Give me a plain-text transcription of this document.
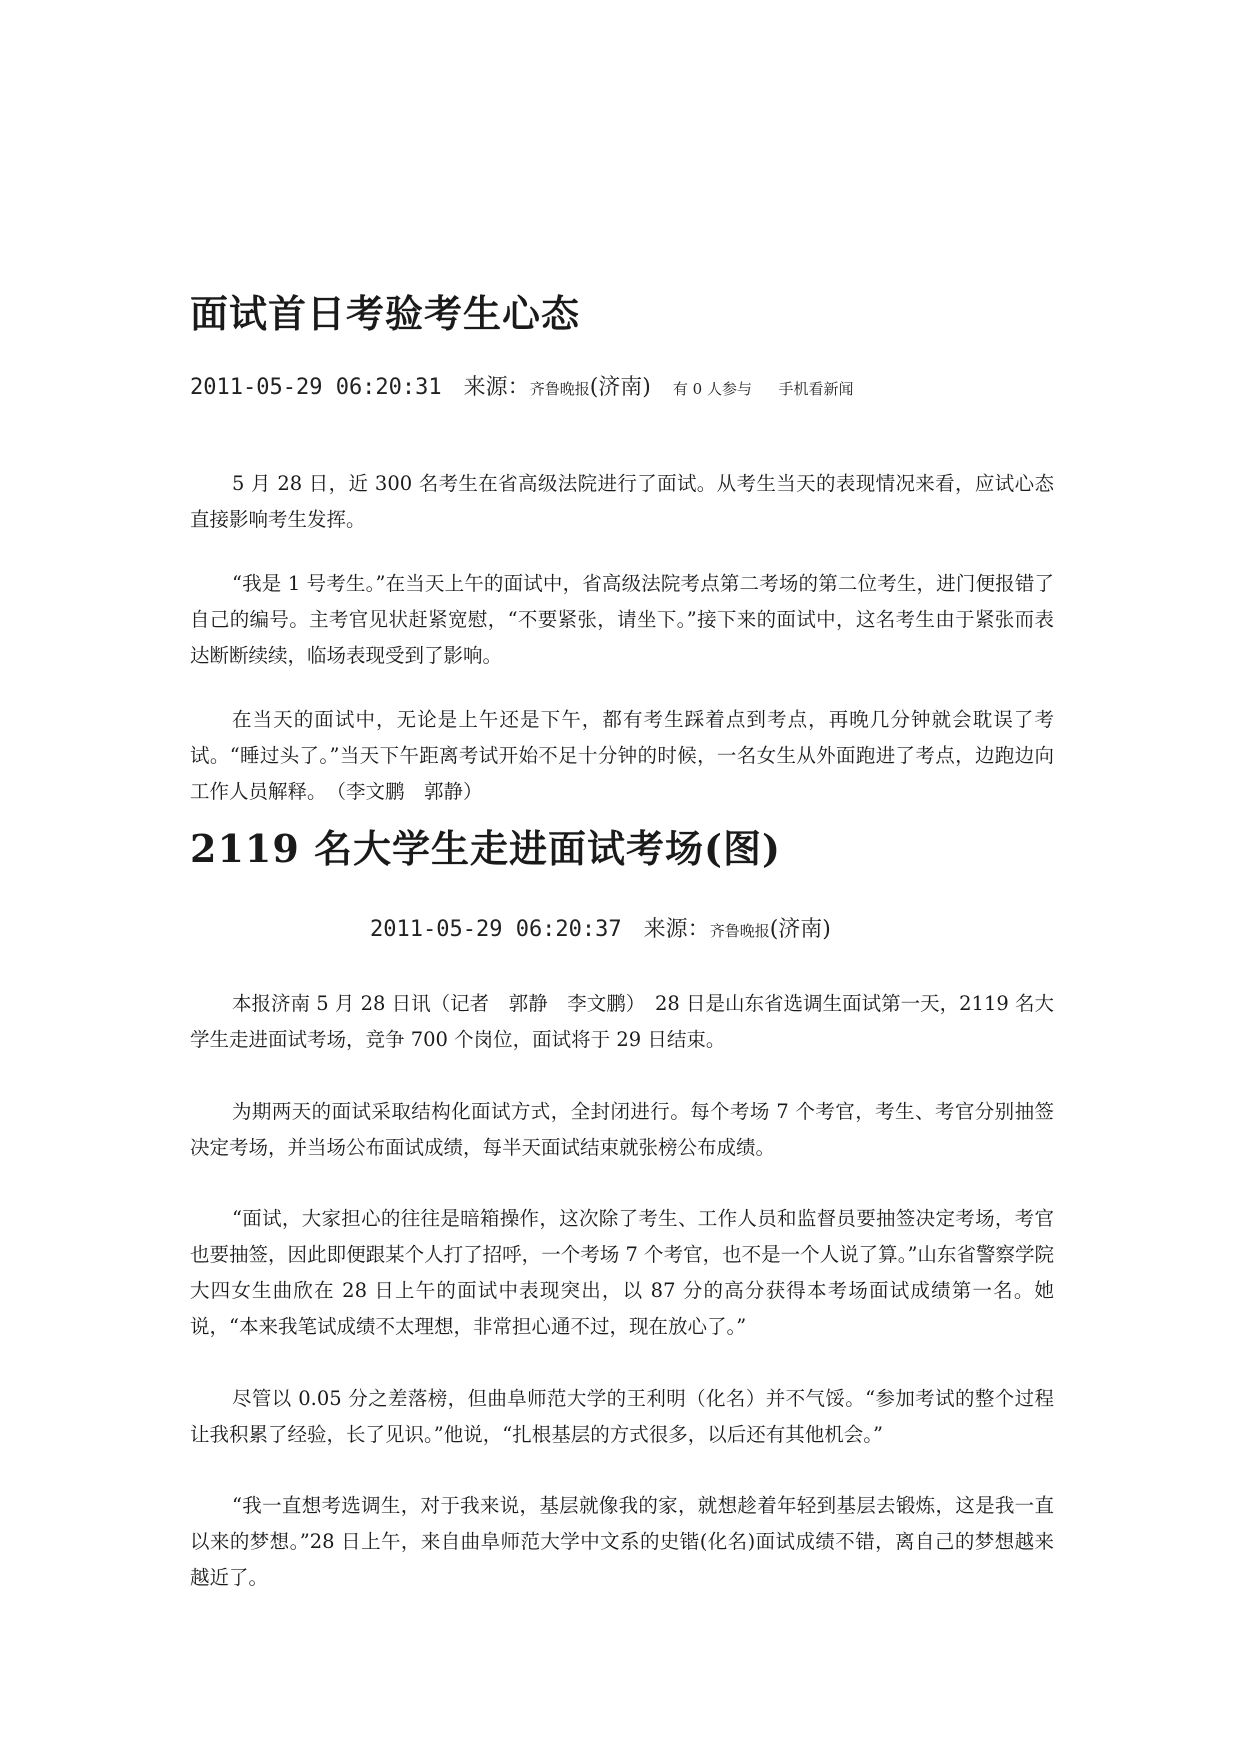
面试首日考验考生心态
2011-05-29 06:20:31 来源：齐鲁晚报(济南) 有 0 人参与 手机看新闻

5 月 28 日，近 300 名考生在省高级法院进行了面试。从考生当天的表现情况来看，应试心态直接影响考生发挥。

“我是 1 号考生。”在当天上午的面试中，省高级法院考点第二考场的第二位考生，进门便报错了自己的编号。主考官见状赶紧宽慰，“不要紧张，请坐下。”接下来的面试中，这名考生由于紧张而表达断断续续，临场表现受到了影响。

在当天的面试中，无论是上午还是下午，都有考生踩着点到考点，再晚几分钟就会耽误了考试。“睡过头了。”当天下午距离考试开始不足十分钟的时候，一名女生从外面跑进了考点，边跑边向工作人员解释。　（李文鹏　郭静）

2119 名大学生走进面试考场(图)
2011-05-29 06:20:37 来源：齐鲁晚报(济南)

本报济南 5 月 28 日讯（记者　郭静　李文鹏）　28 日是山东省选调生面试第一天，2119 名大学生走进面试考场，竞争 700 个岗位，面试将于 29 日结束。

为期两天的面试采取结构化面试方式，全封闭进行。每个考场 7 个考官，考生、考官分别抽签决定考场，并当场公布面试成绩，每半天面试结束就张榜公布成绩。

“面试，大家担心的往往是暗箱操作，这次除了考生、工作人员和监督员要抽签决定考场，考官也要抽签，因此即便跟某个人打了招呼，一个考场 7 个考官，也不是一个人说了算。”山东省警察学院大四女生曲欣在 28 日上午的面试中表现突出，以 87 分的高分获得本考场面试成绩第一名。她说，“本来我笔试成绩不太理想，非常担心通不过，现在放心了。”

尽管以 0.05 分之差落榜，但曲阜师范大学的王利明（化名）并不气馁。“参加考试的整个过程让我积累了经验，长了见识。”他说，“扎根基层的方式很多，以后还有其他机会。”

“我一直想考选调生，对于我来说，基层就像我的家，就想趁着年轻到基层去锻炼，这是我一直以来的梦想。”28 日上午，来自曲阜师范大学中文系的史锴(化名)面试成绩不错，离自己的梦想越来越近了。
